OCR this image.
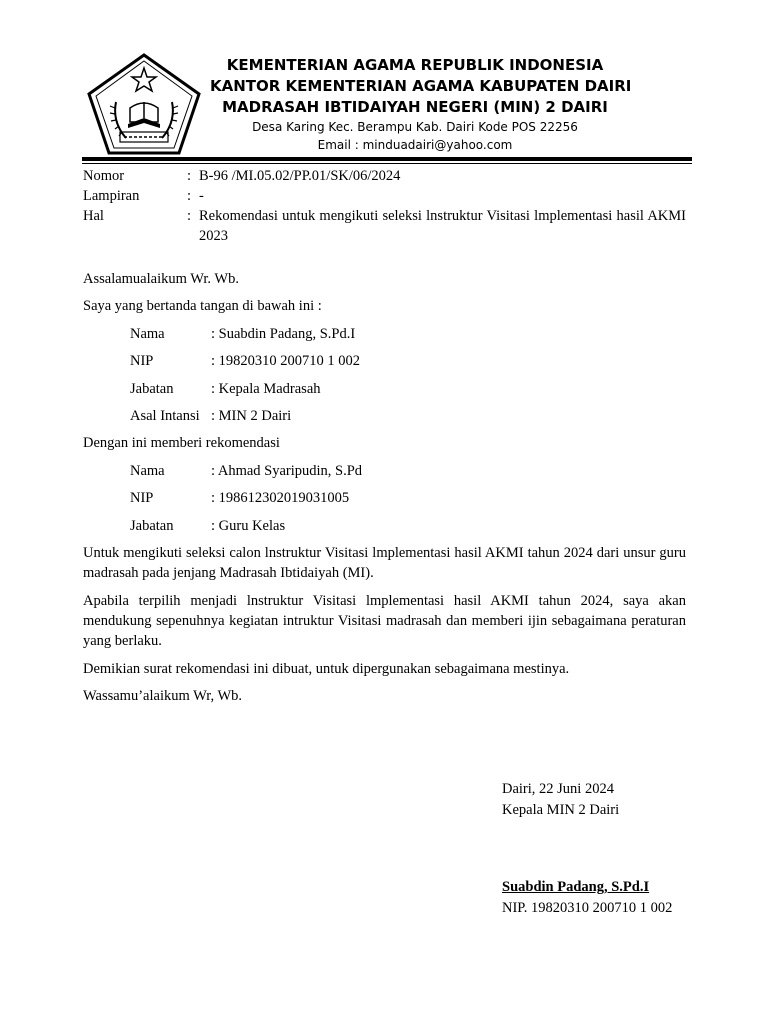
KEMENTERIAN AGAMA REPUBLIK INDONESIA
KANTOR KEMENTERIAN AGAMA KABUPATEN DAIRI
MADRASAH IBTIDAIYAH NEGERI (MIN) 2 DAIRI
Desa Karing Kec. Berampu Kab. Dairi Kode POS 22256
Email : minduadairi@yahoo.com
Nomor	: B-96 /MI.05.02/PP.01/SK/06/2024
Lampiran	: -
Hal	: Rekomendasi untuk mengikuti seleksi lnstruktur Visitasi lmplementasi hasil AKMI 2023
Assalamualaikum Wr. Wb.
Saya yang bertanda tangan di bawah ini :
Nama	: Suabdin Padang, S.Pd.I
NIP	: 19820310 200710 1 002
Jabatan	: Kepala Madrasah
Asal Intansi : MIN 2 Dairi
Dengan ini memberi rekomendasi
Nama	: Ahmad Syaripudin, S.Pd
NIP	: 198612302019031005
Jabatan	: Guru Kelas
Untuk mengikuti seleksi calon lnstruktur Visitasi lmplementasi hasil AKMI tahun 2024 dari unsur guru madrasah pada jenjang Madrasah Ibtidaiyah (MI).
Apabila terpilih menjadi lnstruktur Visitasi lmplementasi hasil AKMI tahun 2024, saya akan mendukung sepenuhnya kegiatan intruktur Visitasi madrasah dan memberi ijin sebagaimana peraturan yang berlaku.
Demikian surat rekomendasi ini dibuat, untuk dipergunakan sebagaimana mestinya.
Wassamu’alaikum Wr, Wb.
Dairi, 22 Juni 2024
Kepala MIN 2 Dairi
Suabdin Padang, S.Pd.I
NIP. 19820310 200710 1 002
